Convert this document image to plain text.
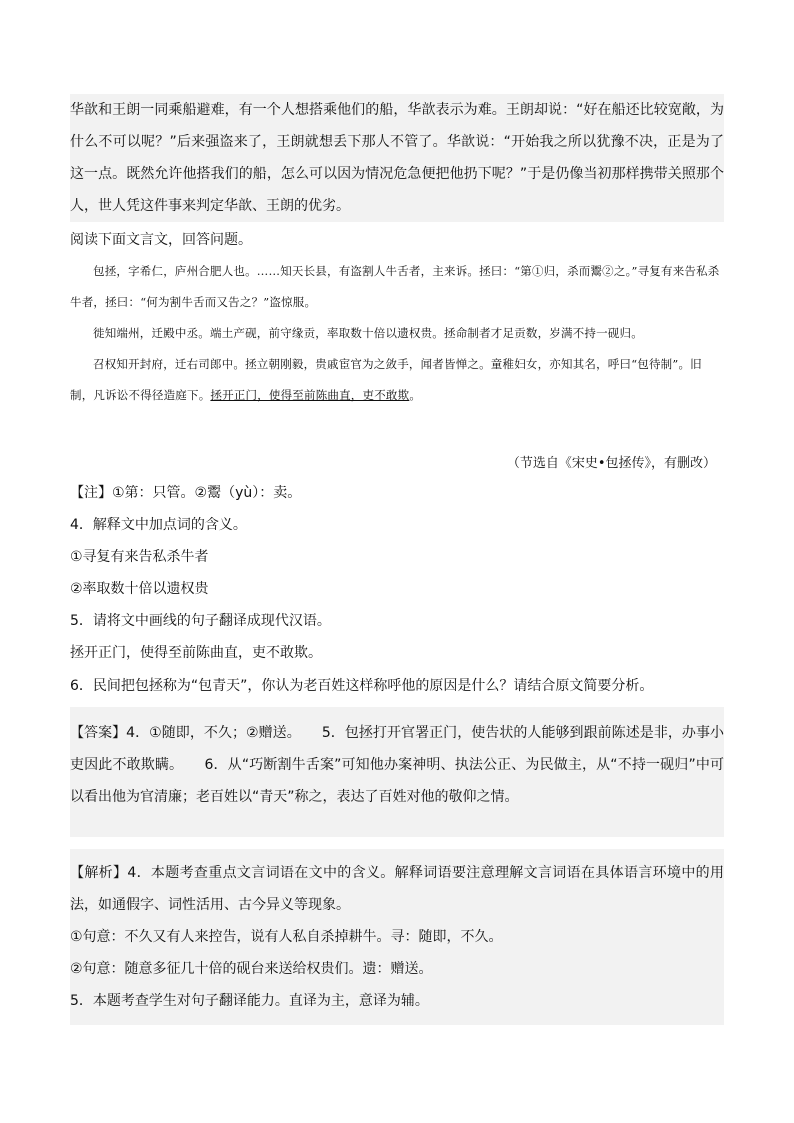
华歆和王朗一同乘船避难，有一个人想搭乘他们的船，华歆表示为难。王朗却说：“好在船还比较宽敞，为什么不可以呢？”后来强盗来了，王朗就想丢下那人不管了。华歆说：“开始我之所以犹豫不决，正是为了这一点。既然允许他搭我们的船，怎么可以因为情况危急便把他扔下呢？”于是仍像当初那样携带关照那个人，世人凭这件事来判定华歆、王朗的优劣。

阅读下面文言文，回答问题。

包拯，字希仁，庐州合肥人也。……知天长县，有盗割人牛舌者，主来诉。拯曰：“第①归，杀而鬻②之。”寻复有来告私杀牛者，拯曰：“何为割牛舌而又告之？”盗惊服。

徙知端州，迁殿中丞。端土产砚，前守缘贡，率取数十倍以遗权贵。拯命制者才足贡数，岁满不持一砚归。

召权知开封府，迁右司郎中。拯立朝刚毅，贵戚宦官为之敛手，闻者皆惮之。童稚妇女，亦知其名，呼曰“包待制”。旧制，凡诉讼不得径造庭下。拯开正门，使得至前陈曲直，吏不敢欺。

（节选自《宋史•包拯传》，有删改）
【注】①第：只管。②鬻（yù）：卖。
4．解释文中加点词的含义。
①寻复有来告私杀牛者
②率取数十倍以遗权贵
5．请将文中画线的句子翻译成现代汉语。
拯开正门，使得至前陈曲直，吏不敢欺。
6．民间把包拯称为“包青天”，你认为老百姓这样称呼他的原因是什么？请结合原文简要分析。

【答案】4．①随即，不久；②赠送。　　5．包拯打开官署正门，使告状的人能够到跟前陈述是非，办事小吏因此不敢欺瞒。　　6．从“巧断割牛舌案”可知他办案神明、执法公正、为民做主，从“不持一砚归”中可以看出他为官清廉；老百姓以“青天”称之，表达了百姓对他的敬仰之情。

【解析】4．本题考查重点文言词语在文中的含义。解释词语要注意理解文言词语在具体语言环境中的用法，如通假字、词性活用、古今异义等现象。

①句意：不久又有人来控告，说有人私自杀掉耕牛。寻：随即，不久。

②句意：随意多征几十倍的砚台来送给权贵们。遗：赠送。

5．本题考查学生对句子翻译能力。直译为主，意译为辅。
